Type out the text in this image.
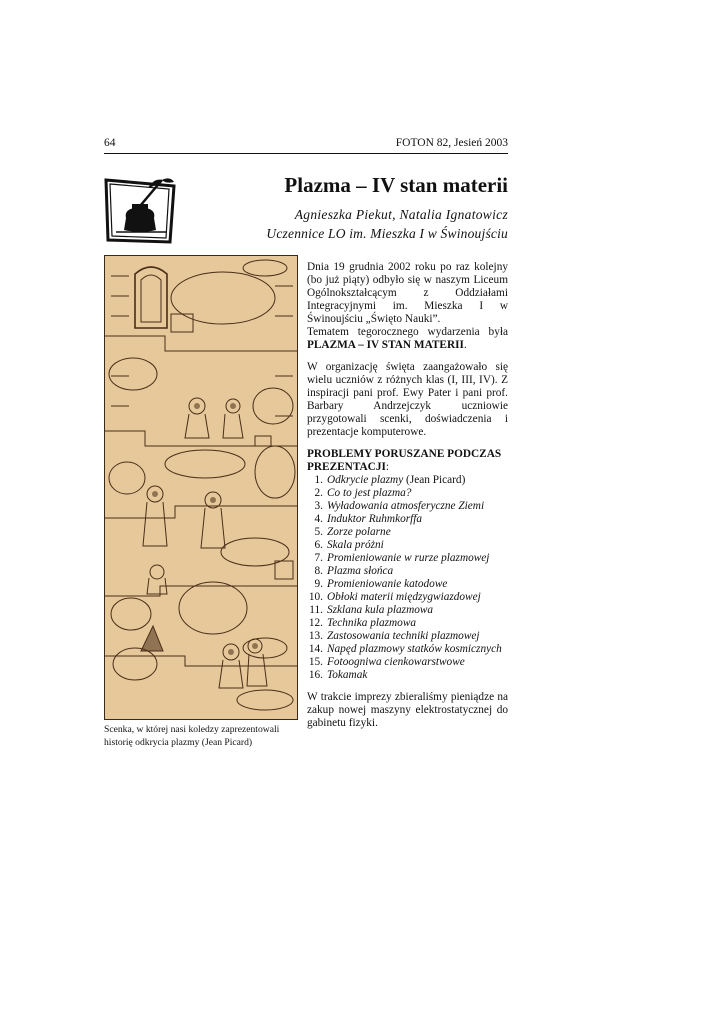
64	FOTON 82, Jesień 2003
Plazma – IV stan materii
Agnieszka Piekut, Natalia Ignatowicz
Uczennice LO im. Mieszka I w Świnoujściu
Scenka, w której nasi koledzy zaprezentowali historię odkrycia plazmy (Jean Picard)

Dnia 19 grudnia 2002 roku po raz kolejny (bo już piąty) odbyło się w naszym Liceum Ogólnokształcącym z Oddziałami Integracyjnymi im. Mieszka I w Świnoujściu „Święto Nauki”.

Tematem tegorocznego wydarzenia była PLAZMA – IV STAN MATERII.

W organizację święta zaangażowało się wielu uczniów z różnych klas (I, III, IV). Z inspiracji pani prof. Ewy Pater i pani prof. Barbary Andrzejczyk uczniowie przygotowali scenki, doświadczenia i prezentacje komputerowe.

PROBLEMY PORUSZANE PODCZAS PREZENTACJI:

1. Odkrycie plazmy (Jean Picard)
2. Co to jest plazma?
3. Wyładowania atmosferyczne Ziemi
4. Induktor Ruhmkorffa
5. Zorze polarne
6. Skala próżni
7. Promieniowanie w rurze plazmowej
8. Plazma słońca
9. Promieniowanie katodowe
10. Obłoki materii międzygwiazdowej
11. Szklana kula plazmowa
12. Technika plazmowa
13. Zastosowania techniki plazmowej
14. Napęd plazmowy statków kosmicznych
15. Fotoogniwa cienkowarstwowe
16. Tokamak

W trakcie imprezy zbieraliśmy pieniądze na zakup nowej maszyny elektrostatycznej do gabinetu fizyki.
